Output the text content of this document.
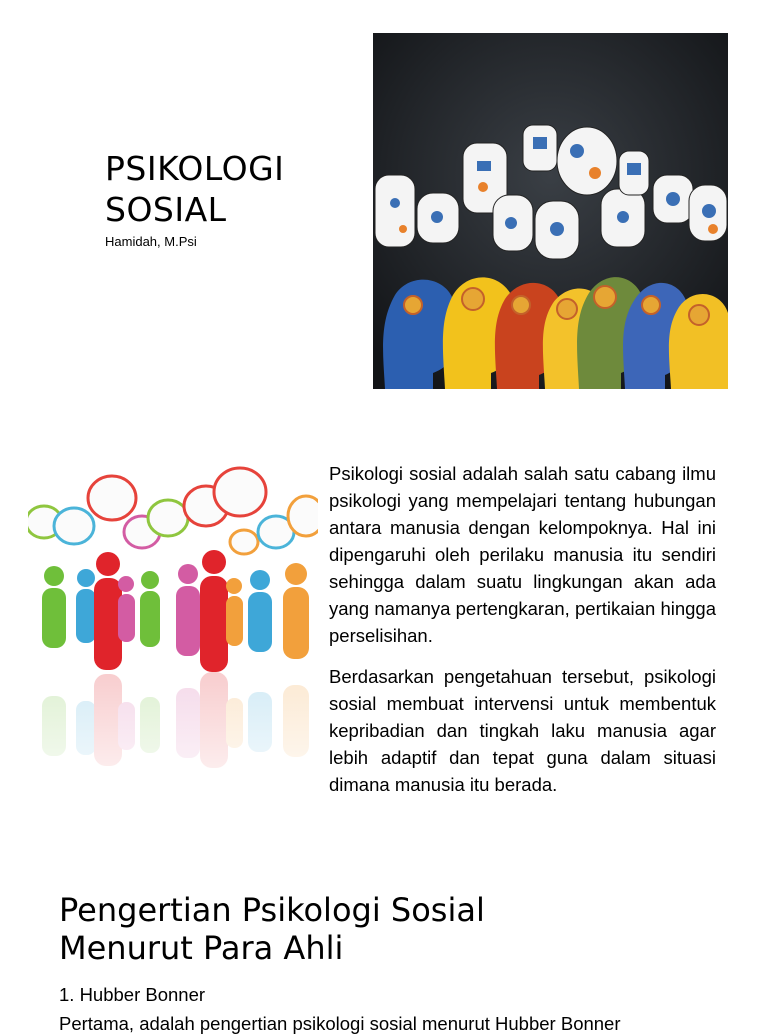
PSIKOLOGI
SOSIAL
Hamidah, M.Psi

Psikologi sosial adalah salah satu cabang ilmu psikologi yang mempelajari tentang hubungan antara manusia dengan kelompoknya. Hal ini dipengaruhi oleh perilaku manusia itu sendiri sehingga dalam suatu lingkungan akan ada yang namanya pertengkaran, pertikaian hingga perselisihan.

Berdasarkan pengetahuan tersebut, psikologi sosial membuat intervensi untuk membentuk kepribadian dan tingkah laku manusia agar lebih adaptif dan tepat guna dalam situasi dimana manusia itu berada.

Pengertian Psikologi Sosial
Menurut Para Ahli
1. Hubber Bonner
Pertama, adalah pengertian psikologi sosial menurut Hubber Bonner
